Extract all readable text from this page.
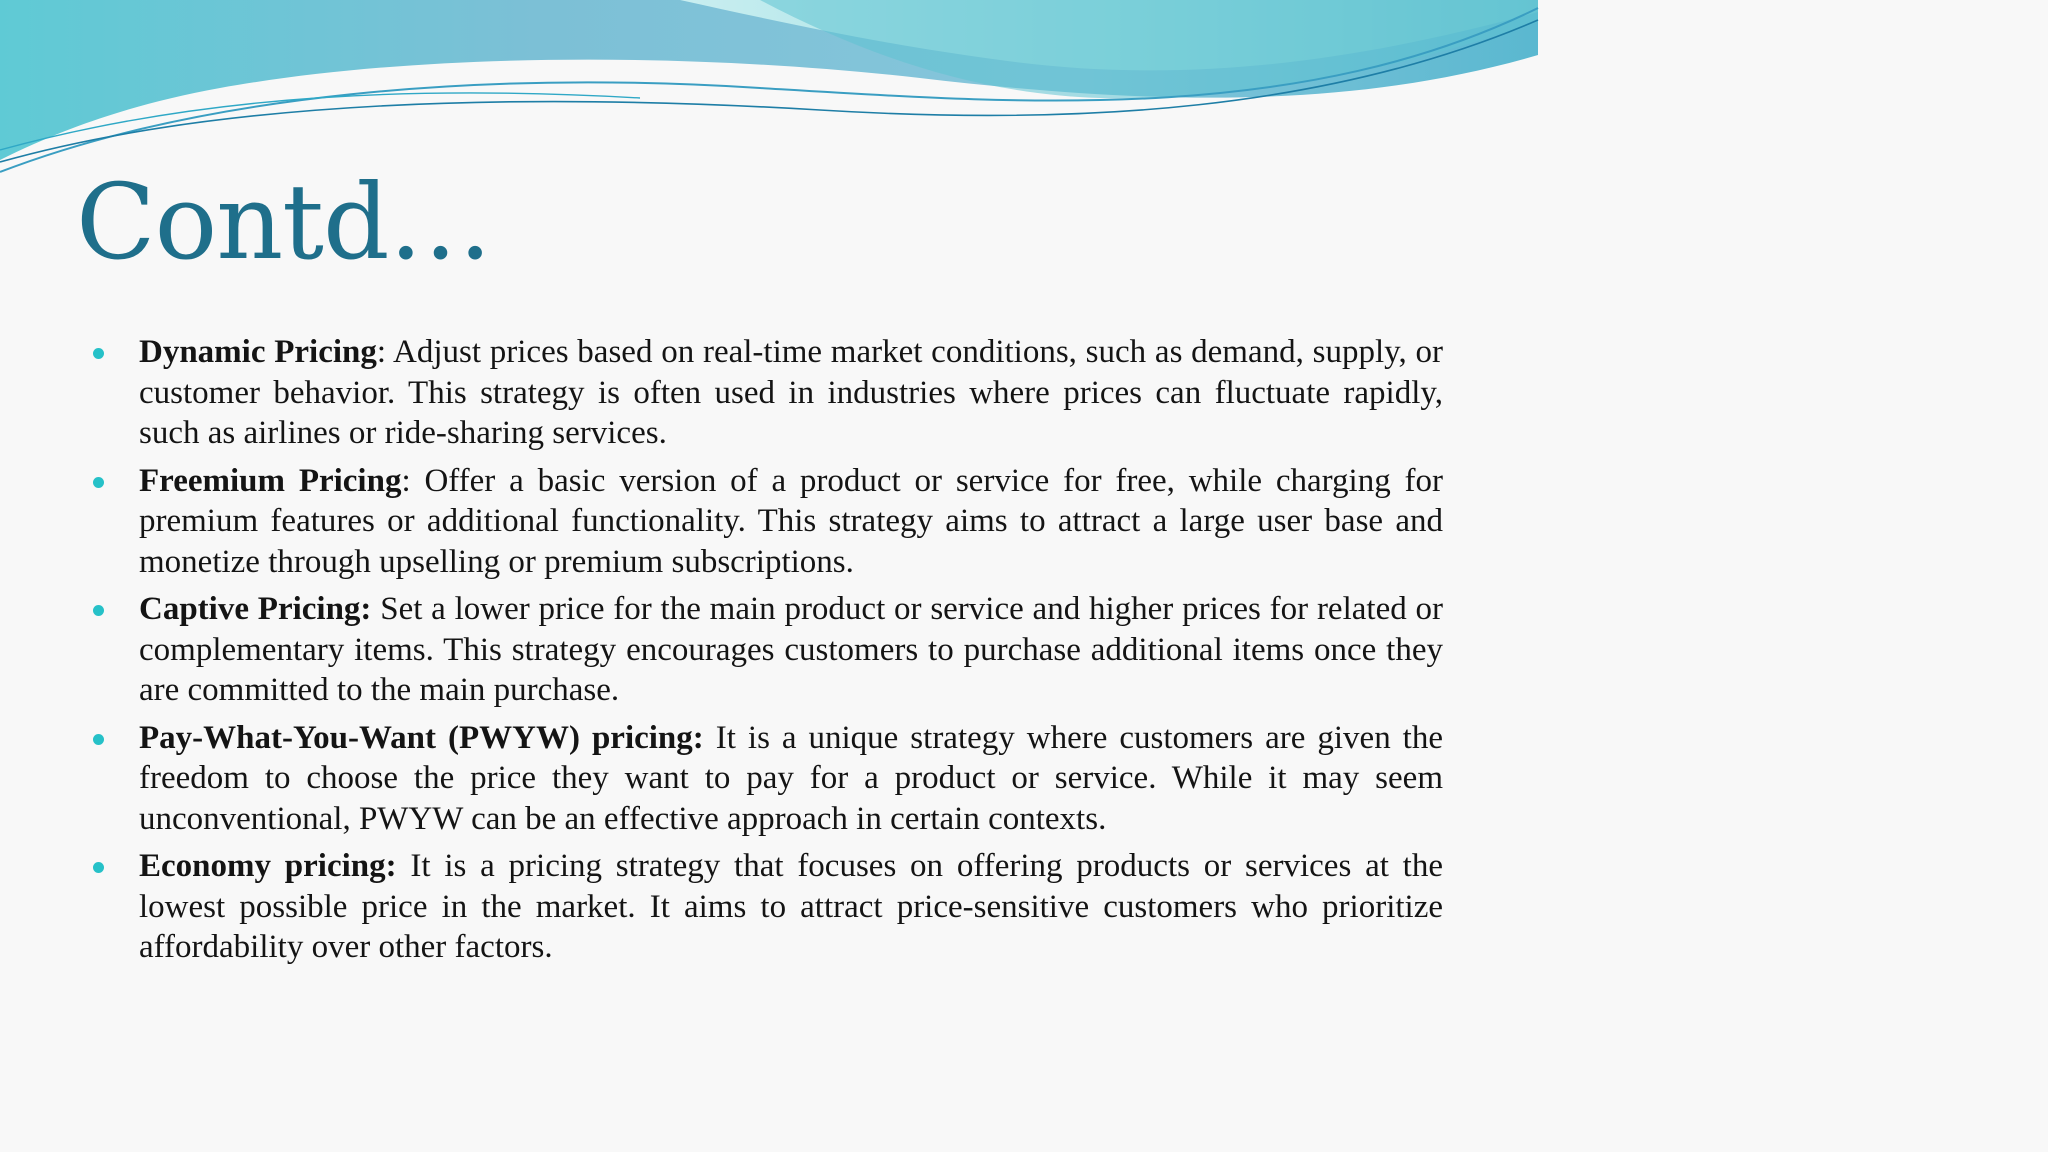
Contd…
Dynamic Pricing: Adjust prices based on real-time market conditions, such as demand, supply, or customer behavior. This strategy is often used in industries where prices can fluctuate rapidly, such as airlines or ride-sharing services.
Freemium Pricing: Offer a basic version of a product or service for free, while charging for premium features or additional functionality. This strategy aims to attract a large user base and monetize through upselling or premium subscriptions.
Captive Pricing: Set a lower price for the main product or service and higher prices for related or complementary items. This strategy encourages customers to purchase additional items once they are committed to the main purchase.
Pay-What-You-Want (PWYW) pricing: It is a unique strategy where customers are given the freedom to choose the price they want to pay for a product or service. While it may seem unconventional, PWYW can be an effective approach in certain contexts.
Economy pricing: It is a pricing strategy that focuses on offering products or services at the lowest possible price in the market. It aims to attract price-sensitive customers who prioritize affordability over other factors.
